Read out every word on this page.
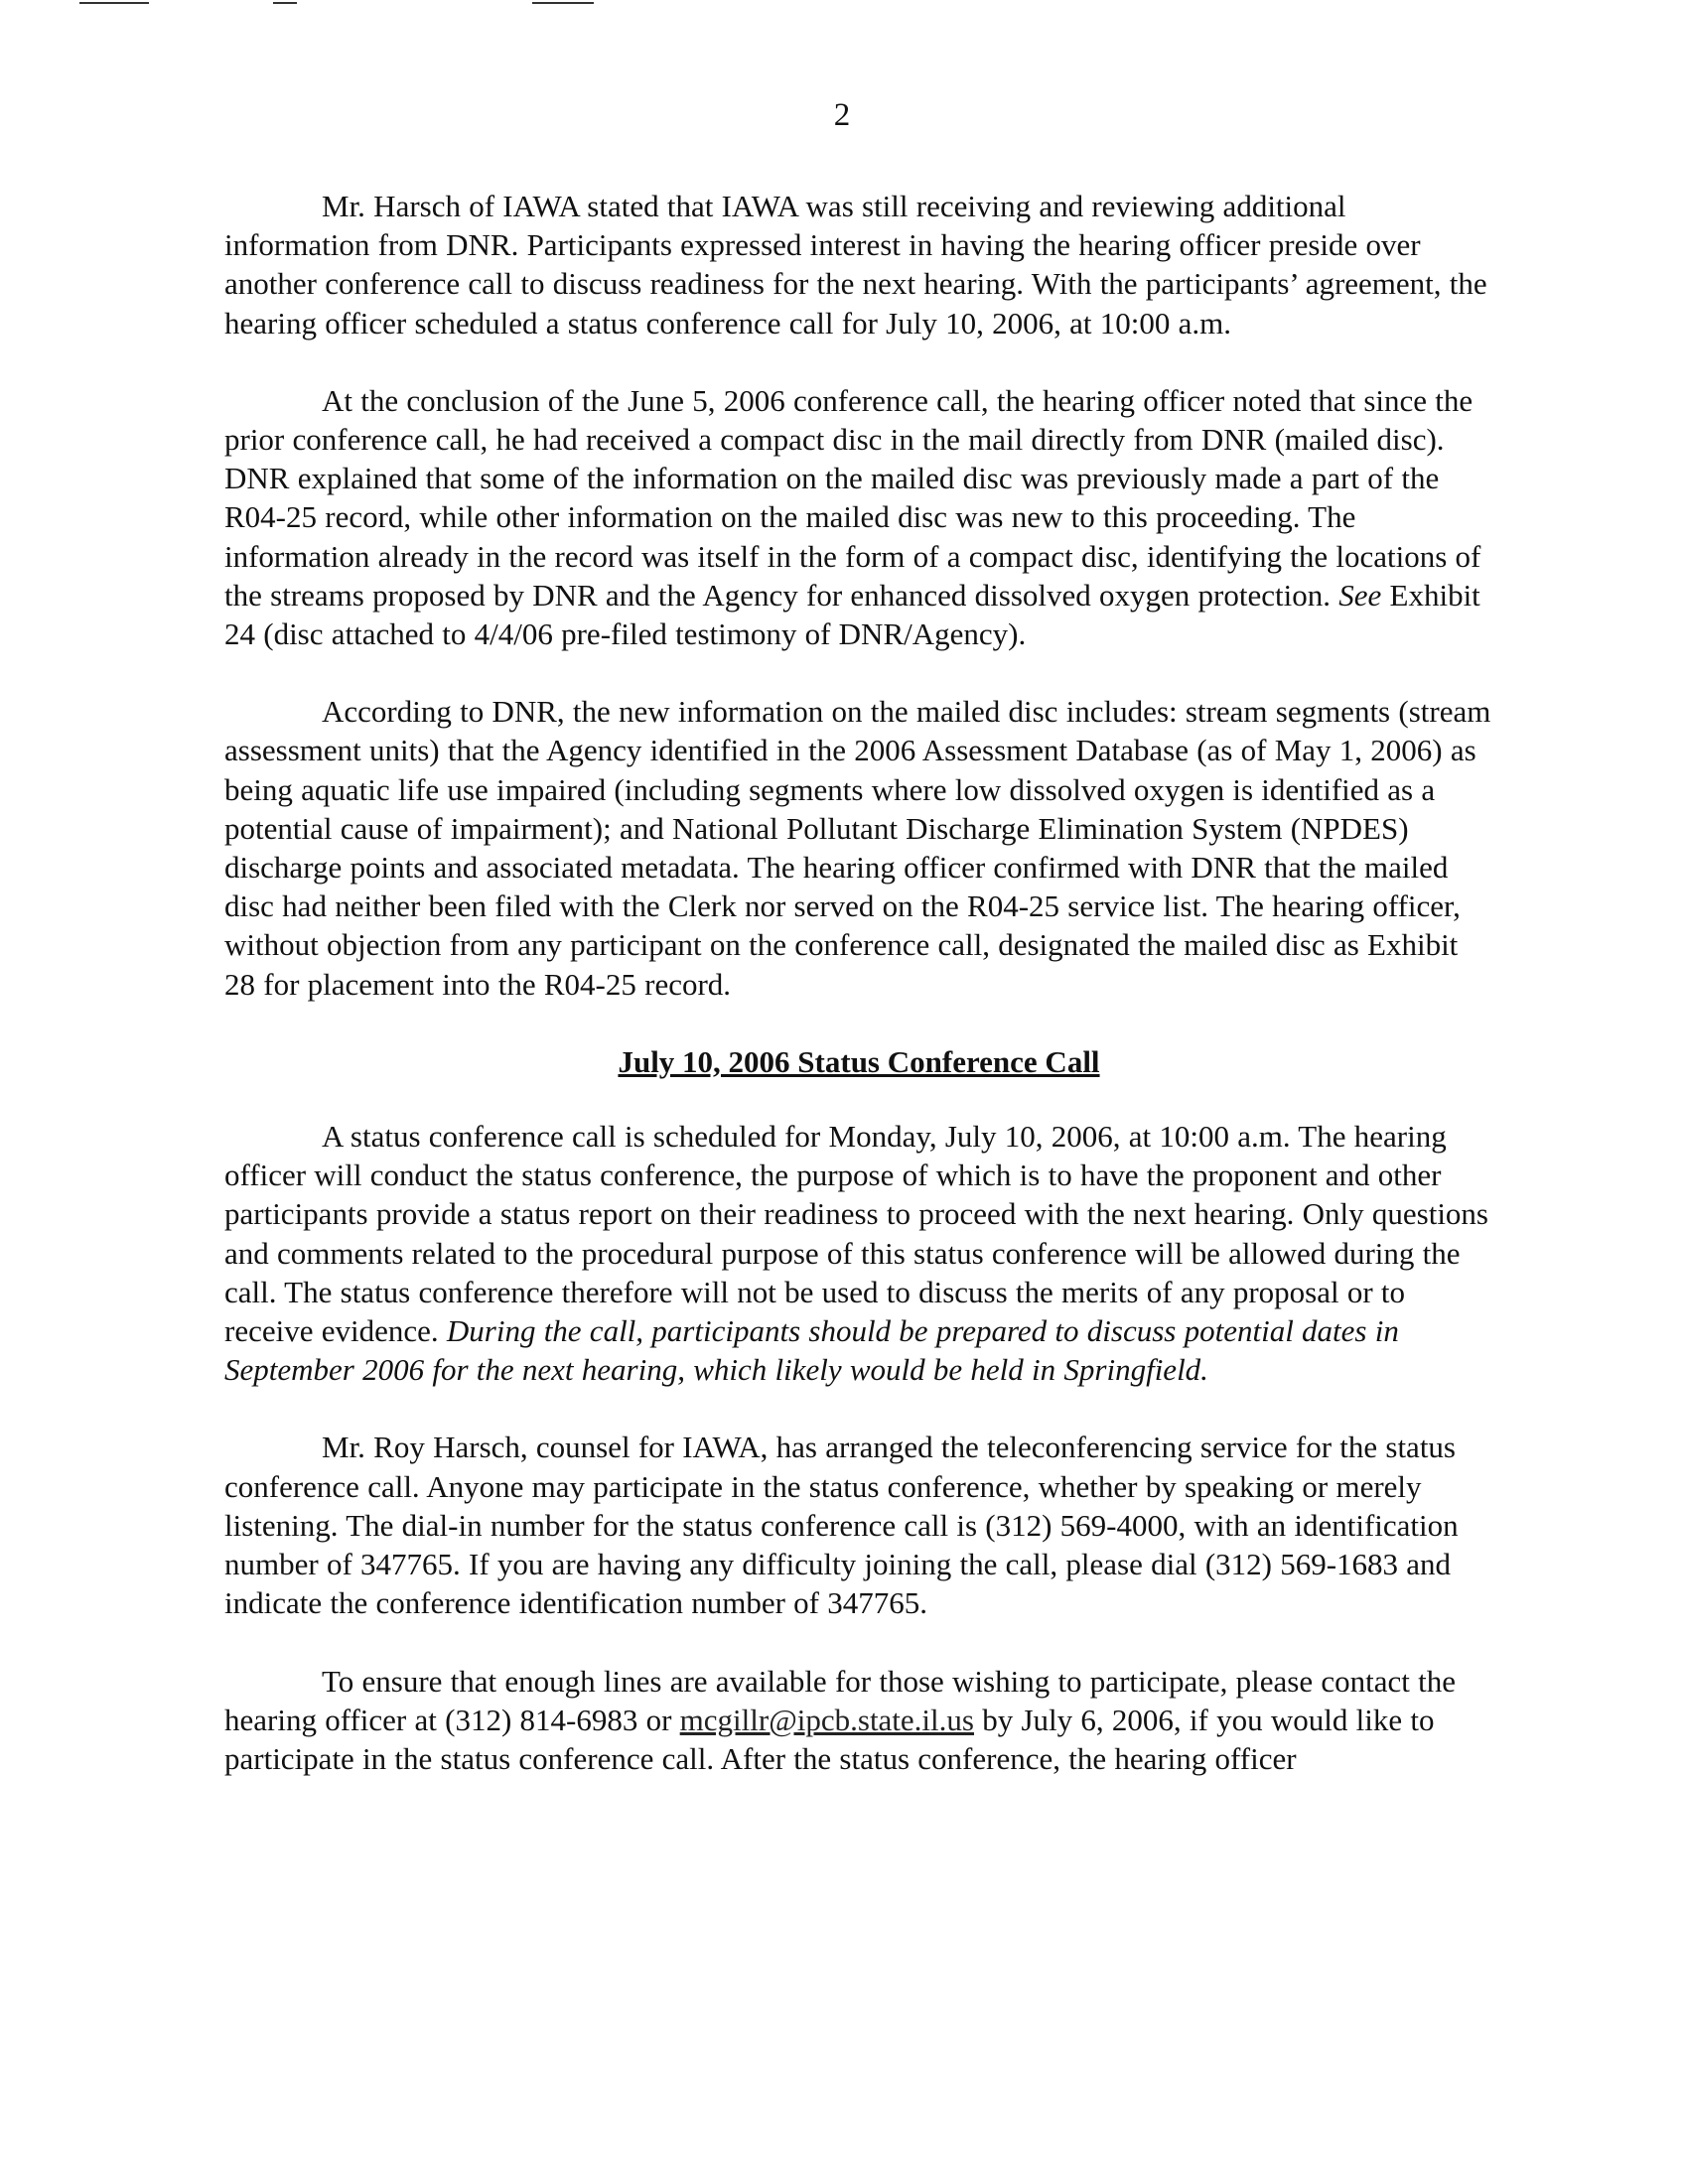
2

Mr. Harsch of IAWA stated that IAWA was still receiving and reviewing additional information from DNR. Participants expressed interest in having the hearing officer preside over another conference call to discuss readiness for the next hearing. With the participants’ agreement, the hearing officer scheduled a status conference call for July 10, 2006, at 10:00 a.m.

At the conclusion of the June 5, 2006 conference call, the hearing officer noted that since the prior conference call, he had received a compact disc in the mail directly from DNR (mailed disc). DNR explained that some of the information on the mailed disc was previously made a part of the R04-25 record, while other information on the mailed disc was new to this proceeding. The information already in the record was itself in the form of a compact disc, identifying the locations of the streams proposed by DNR and the Agency for enhanced dissolved oxygen protection. See Exhibit 24 (disc attached to 4/4/06 pre-filed testimony of DNR/Agency).

According to DNR, the new information on the mailed disc includes: stream segments (stream assessment units) that the Agency identified in the 2006 Assessment Database (as of May 1, 2006) as being aquatic life use impaired (including segments where low dissolved oxygen is identified as a potential cause of impairment); and National Pollutant Discharge Elimination System (NPDES) discharge points and associated metadata. The hearing officer confirmed with DNR that the mailed disc had neither been filed with the Clerk nor served on the R04-25 service list. The hearing officer, without objection from any participant on the conference call, designated the mailed disc as Exhibit 28 for placement into the R04-25 record.

July 10, 2006 Status Conference Call

A status conference call is scheduled for Monday, July 10, 2006, at 10:00 a.m. The hearing officer will conduct the status conference, the purpose of which is to have the proponent and other participants provide a status report on their readiness to proceed with the next hearing. Only questions and comments related to the procedural purpose of this status conference will be allowed during the call. The status conference therefore will not be used to discuss the merits of any proposal or to receive evidence. During the call, participants should be prepared to discuss potential dates in September 2006 for the next hearing, which likely would be held in Springfield.

Mr. Roy Harsch, counsel for IAWA, has arranged the teleconferencing service for the status conference call. Anyone may participate in the status conference, whether by speaking or merely listening. The dial-in number for the status conference call is (312) 569-4000, with an identification number of 347765. If you are having any difficulty joining the call, please dial (312) 569-1683 and indicate the conference identification number of 347765.

To ensure that enough lines are available for those wishing to participate, please contact the hearing officer at (312) 814-6983 or mcgillr@ipcb.state.il.us by July 6, 2006, if you would like to participate in the status conference call. After the status conference, the hearing officer
